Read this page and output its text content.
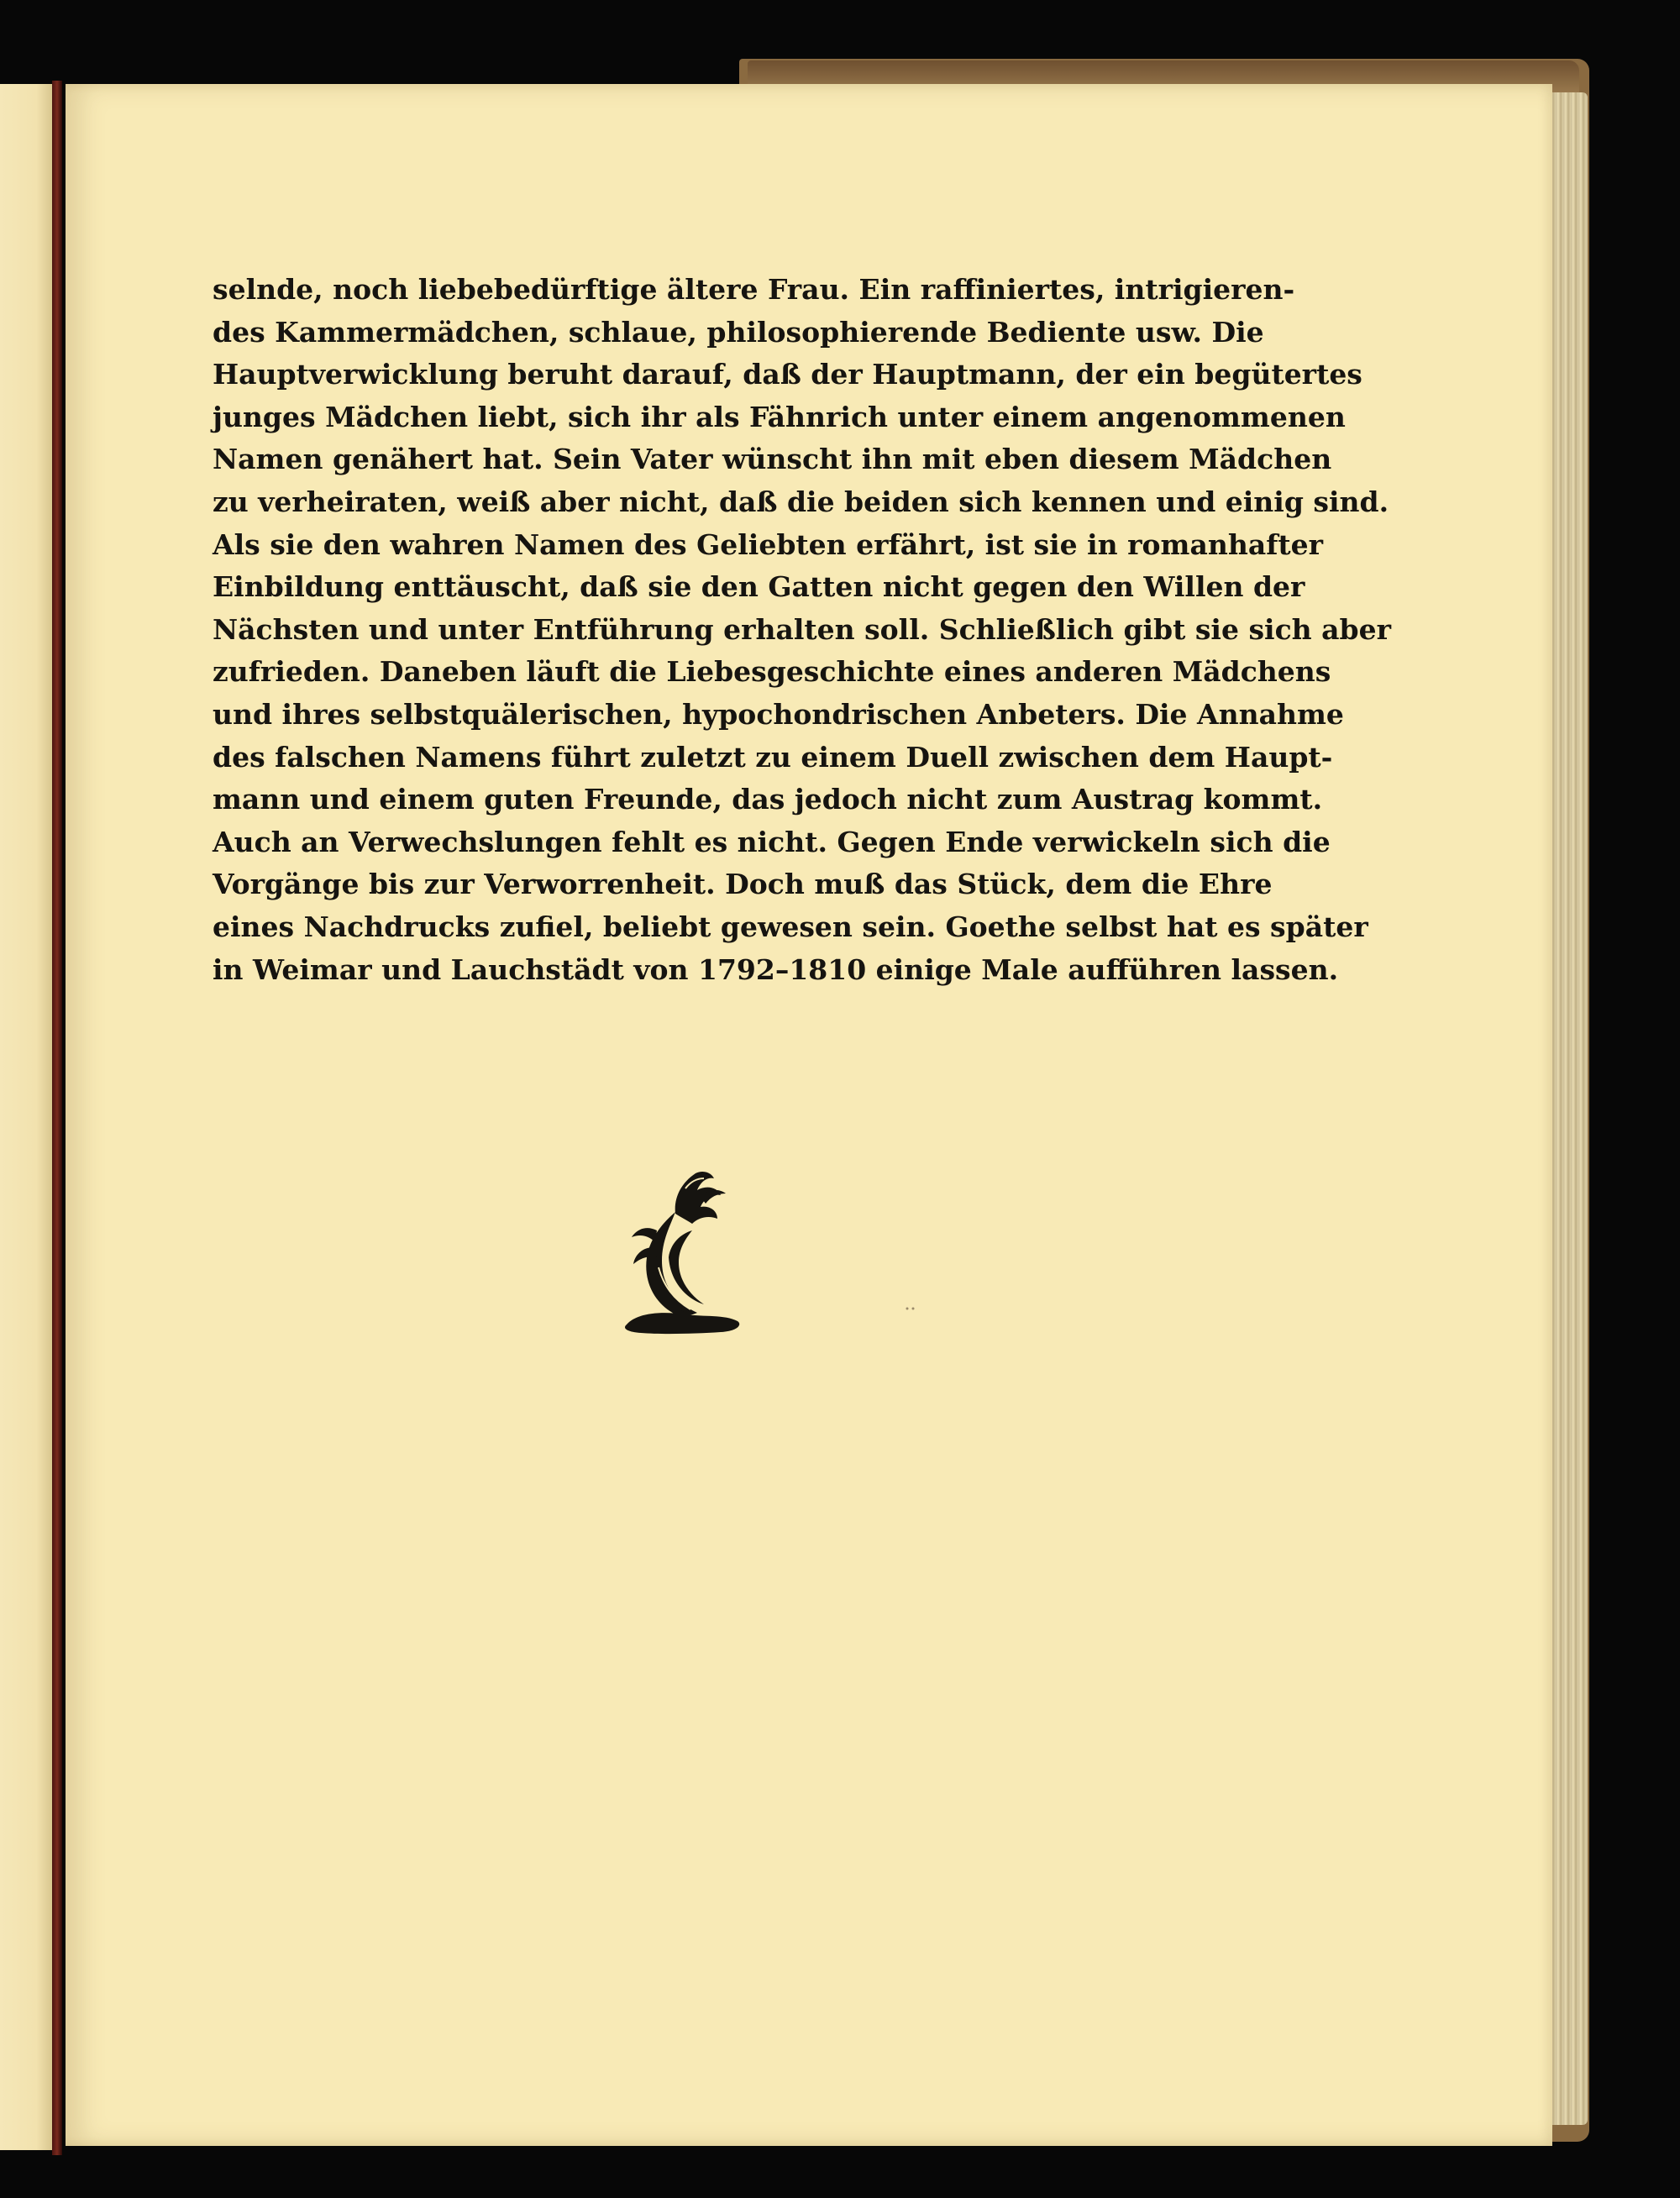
selnde, noch liebebedürftige ältere Frau. Ein raffiniertes, intrigieren-
des Kammermädchen, schlaue, philosophierende Bediente usw. Die
Hauptverwicklung beruht darauf, daß der Hauptmann, der ein begütertes
junges Mädchen liebt, sich ihr als Fähnrich unter einem angenommenen
Namen genähert hat. Sein Vater wünscht ihn mit eben diesem Mädchen
zu verheiraten, weiß aber nicht, daß die beiden sich kennen und einig sind.
Als sie den wahren Namen des Geliebten erfährt, ist sie in romanhafter
Einbildung enttäuscht, daß sie den Gatten nicht gegen den Willen der
Nächsten und unter Entführung erhalten soll. Schließlich gibt sie sich aber
zufrieden. Daneben läuft die Liebesgeschichte eines anderen Mädchens
und ihres selbstquälerischen, hypochondrischen Anbeters. Die Annahme
des falschen Namens führt zuletzt zu einem Duell zwischen dem Haupt-
mann und einem guten Freunde, das jedoch nicht zum Austrag kommt.
Auch an Verwechslungen fehlt es nicht. Gegen Ende verwickeln sich die
Vorgänge bis zur Verworrenheit. Doch muß das Stück, dem die Ehre
eines Nachdrucks zufiel, beliebt gewesen sein. Goethe selbst hat es später
in Weimar und Lauchstädt von 1792–1810 einige Male aufführen lassen.
